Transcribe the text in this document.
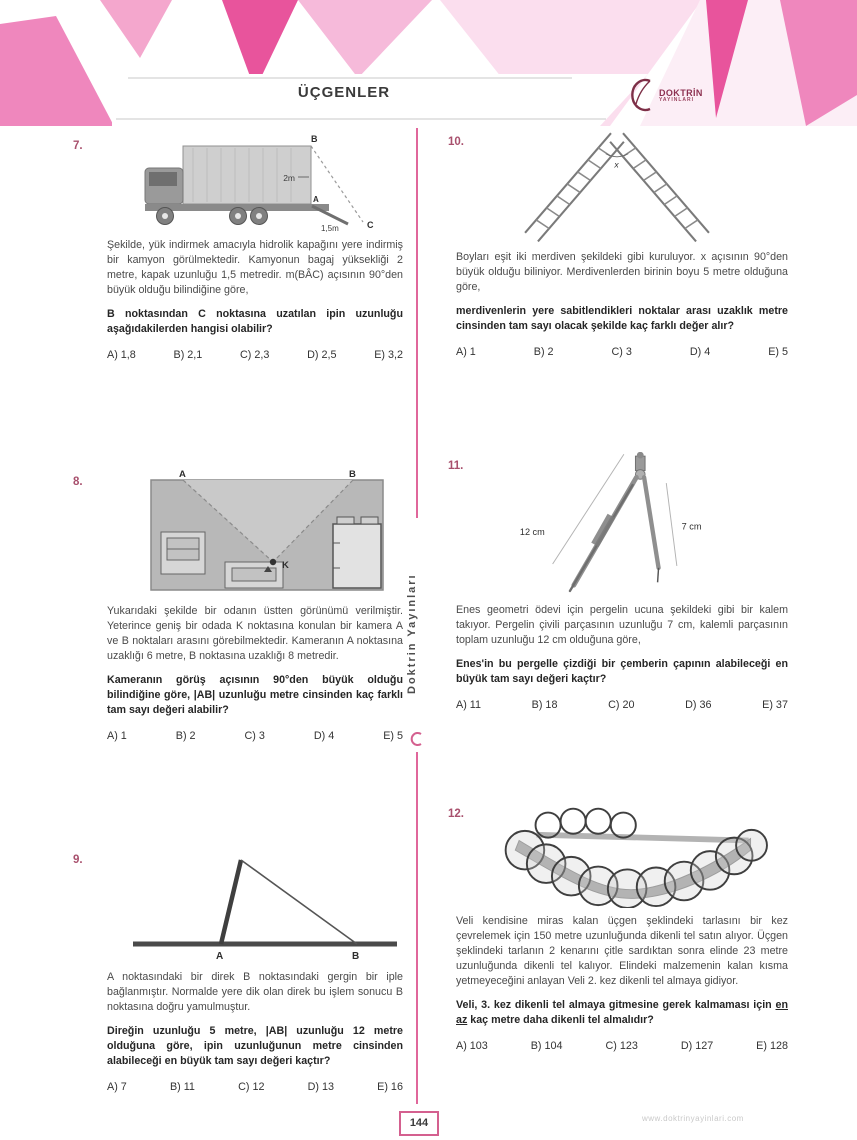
ÜÇGENLER	DOKTRİN
YAYINLARI
Doktrin Yayınları
7.
2m
B
A
1,5m	C

Şekilde, yük indirmek amacıyla hidrolik kapağını yere indirmiş bir kamyon görülmektedir. Kamyonun bagaj yüksekliği 2 metre, kapak uzunluğu 1,5 metredir. m(BÂC) açısının 90°den büyük olduğu bilindiğine göre,

B noktasından C noktasına uzatılan ipin uzunluğu aşağıdakilerden hangisi olabilir?

A) 1,8	B) 2,1	C) 2,3	D) 2,5	E) 3,2
8.
A	B
K

Yukarıdaki şekilde bir odanın üstten görünümü verilmiştir. Yeterince geniş bir odada K noktasına konulan bir kamera A ve B noktaları arasını görebilmektedir. Kameranın A noktasına uzaklığı 6 metre, B noktasına uzaklığı 8 metredir.

Kameranın görüş açısının 90°den büyük olduğu bilindiğine göre, |AB| uzunluğu metre cinsinden kaç farklı tam sayı değeri alabilir?

A) 1	B) 2	C) 3	D) 4	E) 5
9.
A	B

A noktasındaki bir direk B noktasındaki gergin bir iple bağlanmıştır. Normalde yere dik olan direk bu işlem sonucu B noktasına doğru yamulmuştur.

Direğin uzunluğu 5 metre, |AB| uzunluğu 12 metre olduğuna göre, ipin uzunluğunun metre cinsinden alabileceği en büyük tam sayı değeri kaçtır?

A) 7	B) 11	C) 12	D) 13	E) 16
10.
x

Boyları eşit iki merdiven şekildeki gibi kuruluyor. x açısının 90°den büyük olduğu biliniyor. Merdivenlerden birinin boyu 5 metre olduğuna göre,

merdivenlerin yere sabitlendikleri noktalar arası uzaklık metre cinsinden tam sayı olacak şekilde kaç farklı değer alır?

A) 1	B) 2	C) 3	D) 4	E) 5
11.
12 cm
7 cm

Enes geometri ödevi için pergelin ucuna şekildeki gibi bir kalem takıyor. Pergelin çivili parçasının uzunluğu 7 cm, kalemli parçasının toplam uzunluğu 12 cm olduğuna göre,

Enes'in bu pergelle çizdiği bir çemberin çapının alabileceği en büyük tam sayı değeri kaçtır?

A) 11	B) 18	C) 20	D) 36	E) 37
12.

Veli kendisine miras kalan üçgen şeklindeki tarlasını bir kez çevrelemek için 150 metre uzunluğunda dikenli tel satın alıyor. Üçgen şeklindeki tarlanın 2 kenarını çitle sardıktan sonra elinde 23 metre uzunluğunda dikenli tel kalıyor. Elindeki malzemenin kalan kısma yetmeyeceğini anlayan Veli 2. kez dikenli tel almaya gidiyor.

Veli, 3. kez dikenli tel almaya gitmesine gerek kalmaması için en az kaç metre daha dikenli tel almalıdır?

A) 103	B) 104	C) 123	D) 127	E) 128
144	www.doktrinyayinlari.com
